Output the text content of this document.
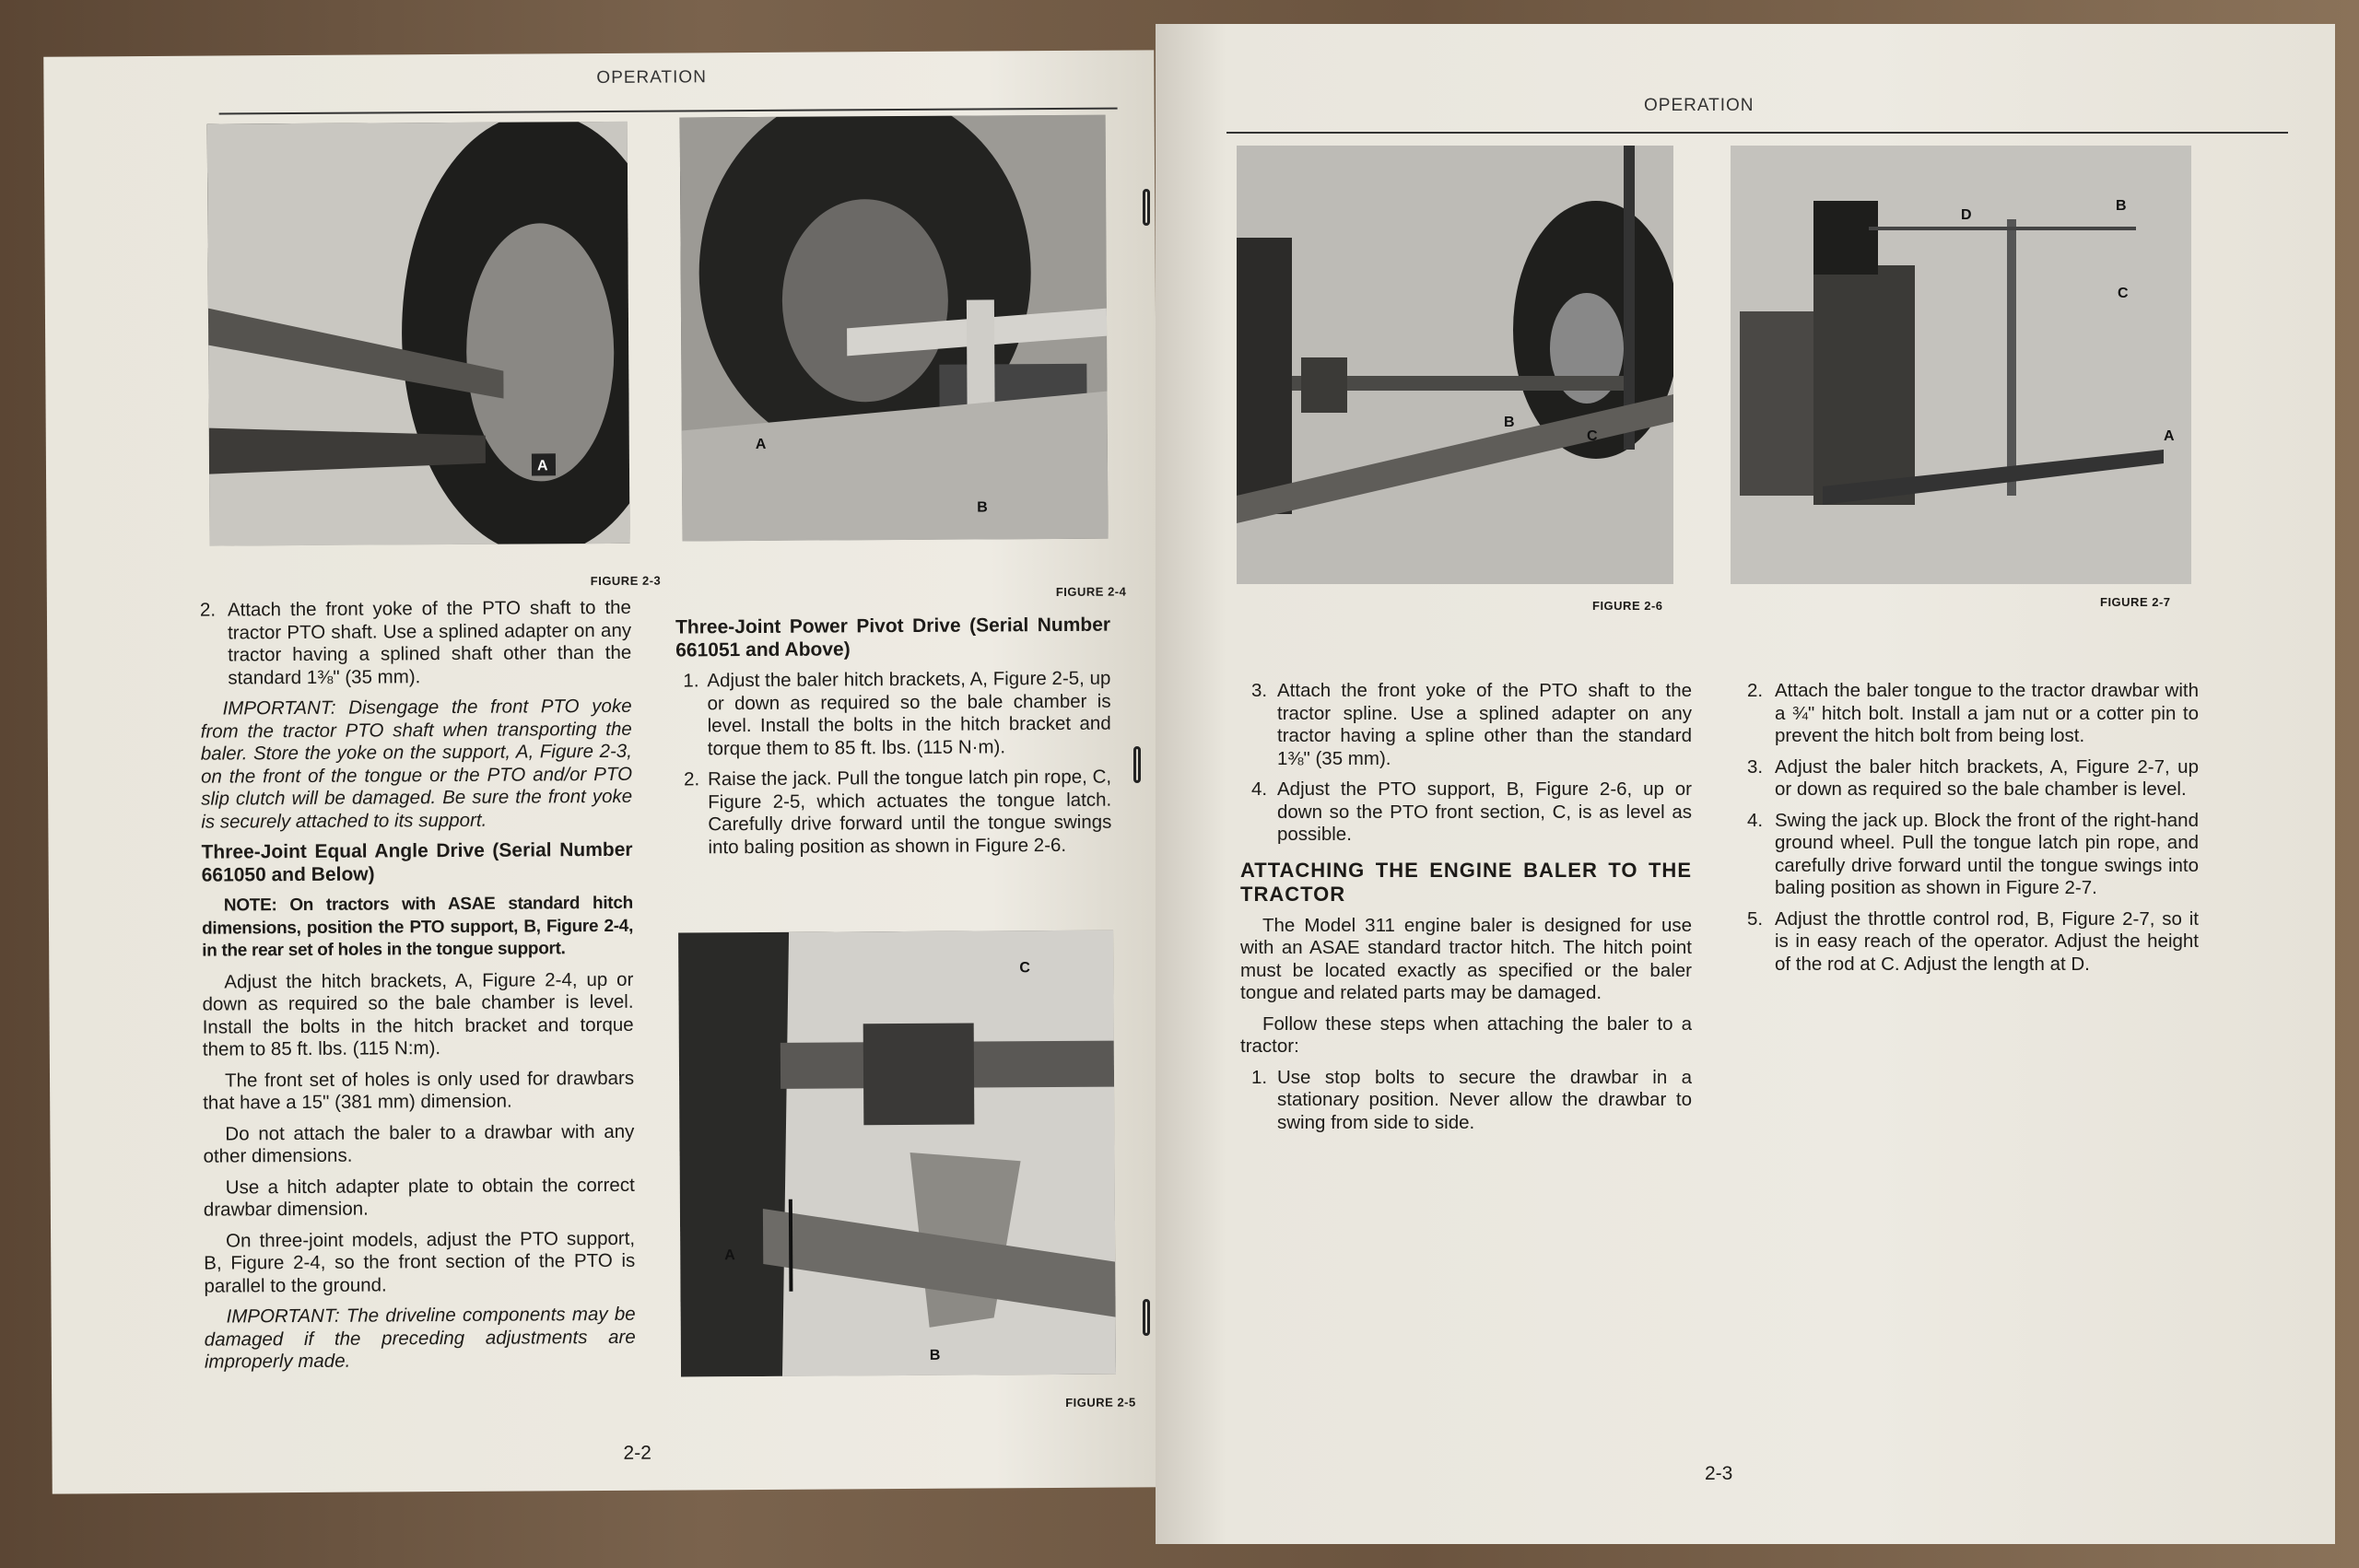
OPERATION
A
FIGURE 2-3
A
B
FIGURE 2-4
2. Attach the front yoke of the PTO shaft to the tractor PTO shaft. Use a splined adapter on any tractor having a splined shaft other than the standard 1⅜" (35 mm).

IMPORTANT: Disengage the front PTO yoke from the tractor PTO shaft when transporting the baler. Store the yoke on the support, A, Figure 2-3, on the front of the tongue or the PTO and/or PTO slip clutch will be damaged. Be sure the front yoke is securely attached to its support.

Three-Joint Equal Angle Drive (Serial Number 661050 and Below)

NOTE: On tractors with ASAE standard hitch dimensions, position the PTO support, B, Figure 2-4, in the rear set of holes in the tongue support.

Adjust the hitch brackets, A, Figure 2-4, up or down as required so the bale chamber is level. Install the bolts in the hitch bracket and torque them to 85 ft. lbs. (115 N:m).

The front set of holes is only used for drawbars that have a 15" (381 mm) dimension.

Do not attach the baler to a drawbar with any other dimensions.

Use a hitch adapter plate to obtain the correct drawbar dimension.

On three-joint models, adjust the PTO support, B, Figure 2-4, so the front section of the PTO is parallel to the ground.

IMPORTANT: The driveline components may be damaged if the preceding adjustments are improperly made.

Three-Joint Power Pivot Drive (Serial Number 661051 and Above)

1. Adjust the baler hitch brackets, A, Figure 2-5, up or down as required so the bale chamber is level. Install the bolts in the hitch bracket and torque them to 85 ft. lbs. (115 N·m).

2. Raise the jack. Pull the tongue latch pin rope, C, Figure 2-5, which actuates the tongue latch. Carefully drive forward until the tongue swings into baling position as shown in Figure 2-6.

C
A
B
FIGURE 2-5
2-2
OPERATION
B
C
FIGURE 2-6
D
B
C
A
FIGURE 2-7
3. Attach the front yoke of the PTO shaft to the tractor spline. Use a splined adapter on any tractor having a spline other than the standard 1⅜" (35 mm).

4. Adjust the PTO support, B, Figure 2-6, up or down so the PTO front section, C, is as level as possible.

ATTACHING THE ENGINE BALER TO THE TRACTOR

The Model 311 engine baler is designed for use with an ASAE standard tractor hitch. The hitch point must be located exactly as specified or the baler tongue and related parts may be damaged.

Follow these steps when attaching the baler to a tractor:

1. Use stop bolts to secure the drawbar in a stationary position. Never allow the drawbar to swing from side to side.

2. Attach the baler tongue to the tractor drawbar with a ¾" hitch bolt. Install a jam nut or a cotter pin to prevent the hitch bolt from being lost.

3. Adjust the baler hitch brackets, A, Figure 2-7, up or down as required so the bale chamber is level.

4. Swing the jack up. Block the front of the right-hand ground wheel. Pull the tongue latch pin rope, and carefully drive forward until the tongue swings into baling position as shown in Figure 2-7.

5. Adjust the throttle control rod, B, Figure 2-7, so it is in easy reach of the operator. Adjust the height of the rod at C. Adjust the length at D.

2-3
